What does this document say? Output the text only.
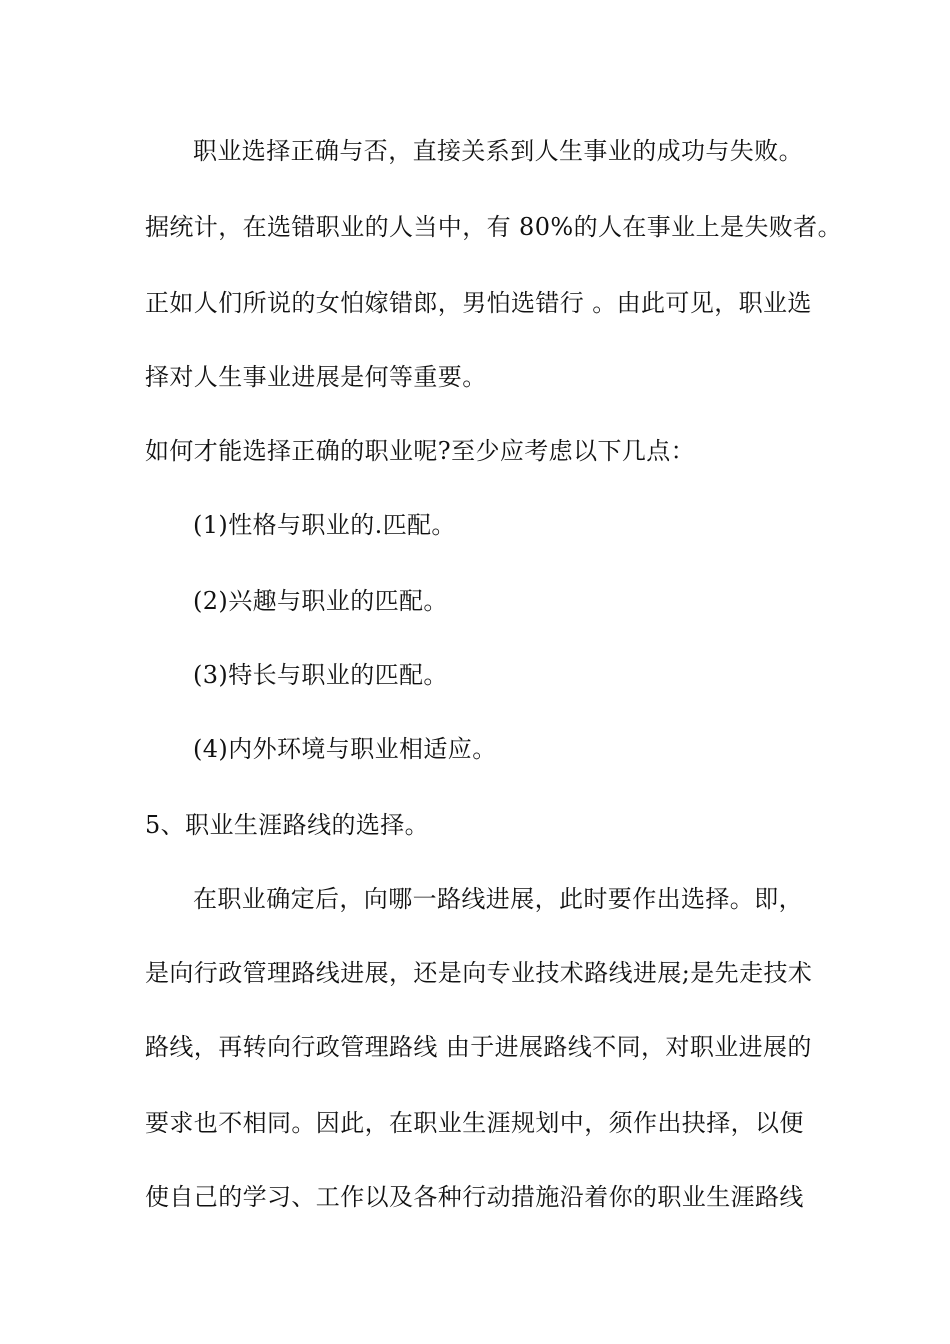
职业选择正确与否，直接关系到人生事业的成功与失败。
据统计，在选错职业的人当中，有 80%的人在事业上是失败者。
正如人们所说的女怕嫁错郎，男怕选错行 。由此可见，职业选
择对人生事业进展是何等重要。
如何才能选择正确的职业呢?至少应考虑以下几点：
(1)性格与职业的.匹配。
(2)兴趣与职业的匹配。
(3)特长与职业的匹配。
(4)内外环境与职业相适应。
5、职业生涯路线的选择。
在职业确定后，向哪一路线进展，此时要作出选择。即，
是向行政管理路线进展，还是向专业技术路线进展;是先走技术
路线，再转向行政管理路线 由于进展路线不同，对职业进展的
要求也不相同。因此，在职业生涯规划中，须作出抉择，以便
使自己的学习、工作以及各种行动措施沿着你的职业生涯路线
